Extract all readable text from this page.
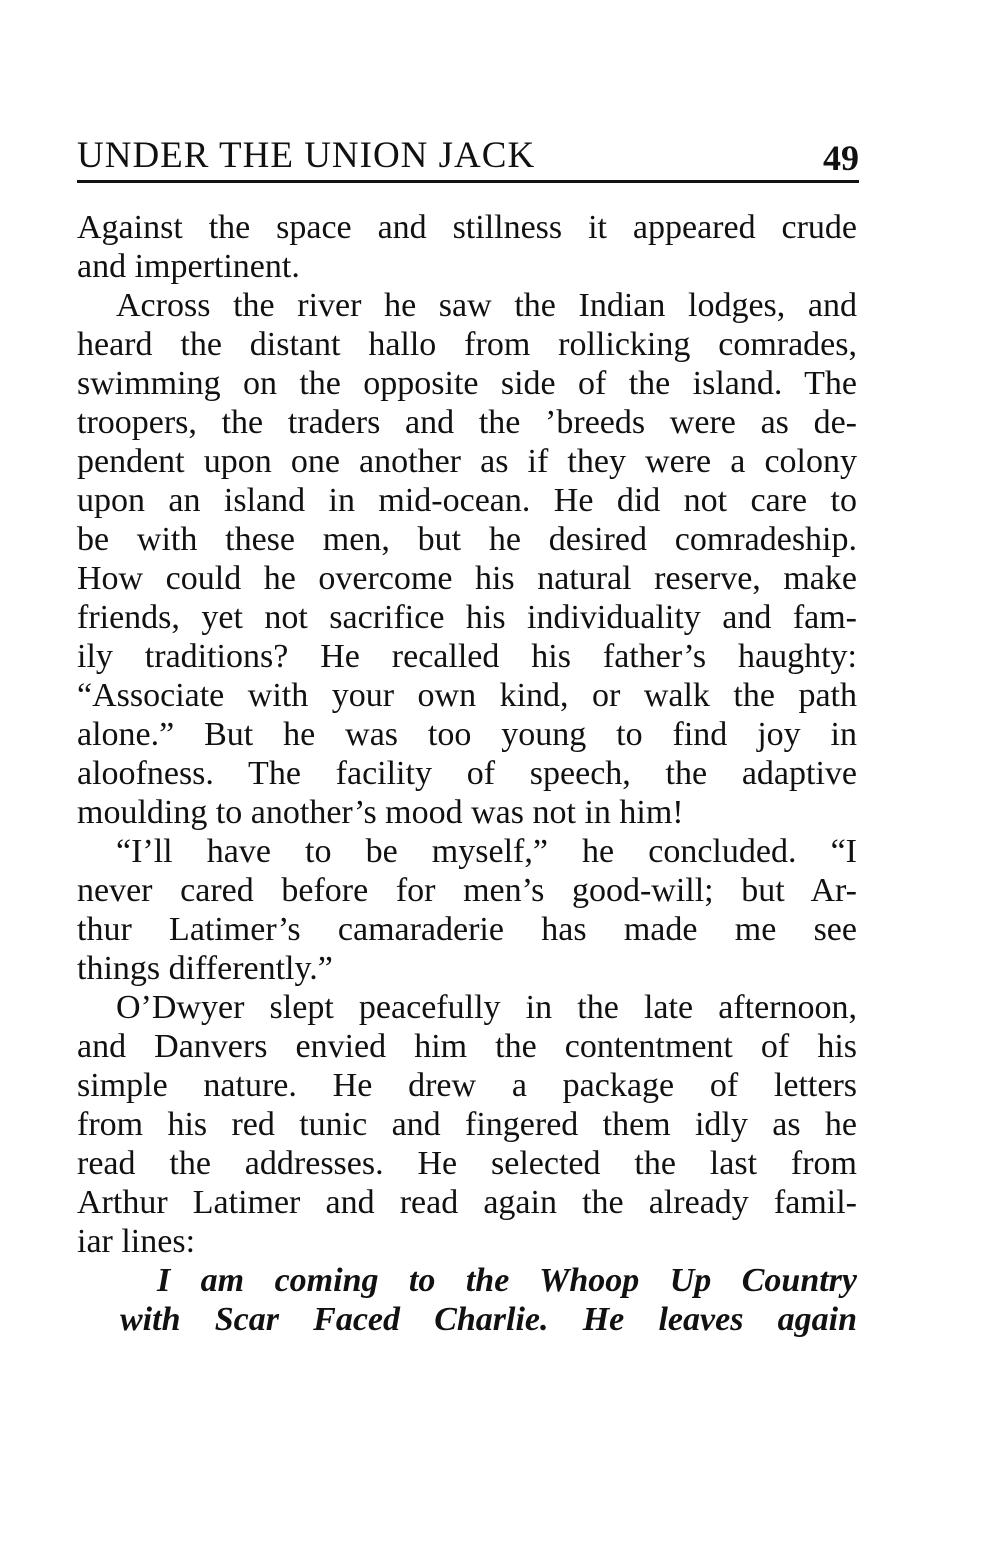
UNDER THE UNION JACK	49
Against the space and stillness it appeared crude
and impertinent.
Across the river he saw the Indian lodges, and
heard the distant hallo from rollicking comrades,
swimming on the opposite side of the island. The
troopers, the traders and the ’breeds were as de-
pendent upon one another as if they were a colony
upon an island in mid-ocean. He did not care to
be with these men, but he desired comradeship.
How could he overcome his natural reserve, make
friends, yet not sacrifice his individuality and fam-
ily traditions? He recalled his father’s haughty:
“Associate with your own kind, or walk the path
alone.” But he was too young to find joy in
aloofness. The facility of speech, the adaptive
moulding to another’s mood was not in him!
“I’ll have to be myself,” he concluded. “I
never cared before for men’s good-will; but Ar-
thur Latimer’s camaraderie has made me see
things differently.”
O’Dwyer slept peacefully in the late afternoon,
and Danvers envied him the contentment of his
simple nature. He drew a package of letters
from his red tunic and fingered them idly as he
read the addresses. He selected the last from
Arthur Latimer and read again the already famil-
iar lines:
I am coming to the Whoop Up Country
with Scar Faced Charlie. He leaves again
